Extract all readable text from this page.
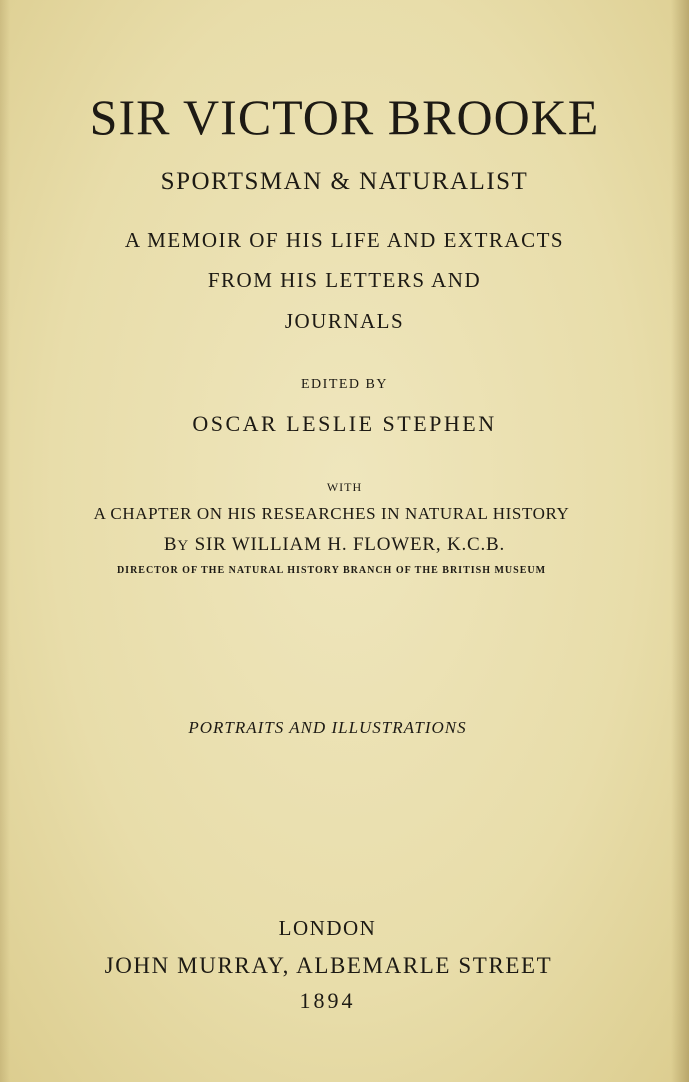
SIR VICTOR BROOKE
SPORTSMAN & NATURALIST
A MEMOIR OF HIS LIFE AND EXTRACTS
FROM HIS LETTERS AND
JOURNALS
EDITED BY
OSCAR LESLIE STEPHEN
WITH
A CHAPTER ON HIS RESEARCHES IN NATURAL HISTORY
BY SIR WILLIAM H. FLOWER, K.C.B.
DIRECTOR OF THE NATURAL HISTORY BRANCH OF THE BRITISH MUSEUM
PORTRAITS AND ILLUSTRATIONS
LONDON
JOHN MURRAY, ALBEMARLE STREET
1894
